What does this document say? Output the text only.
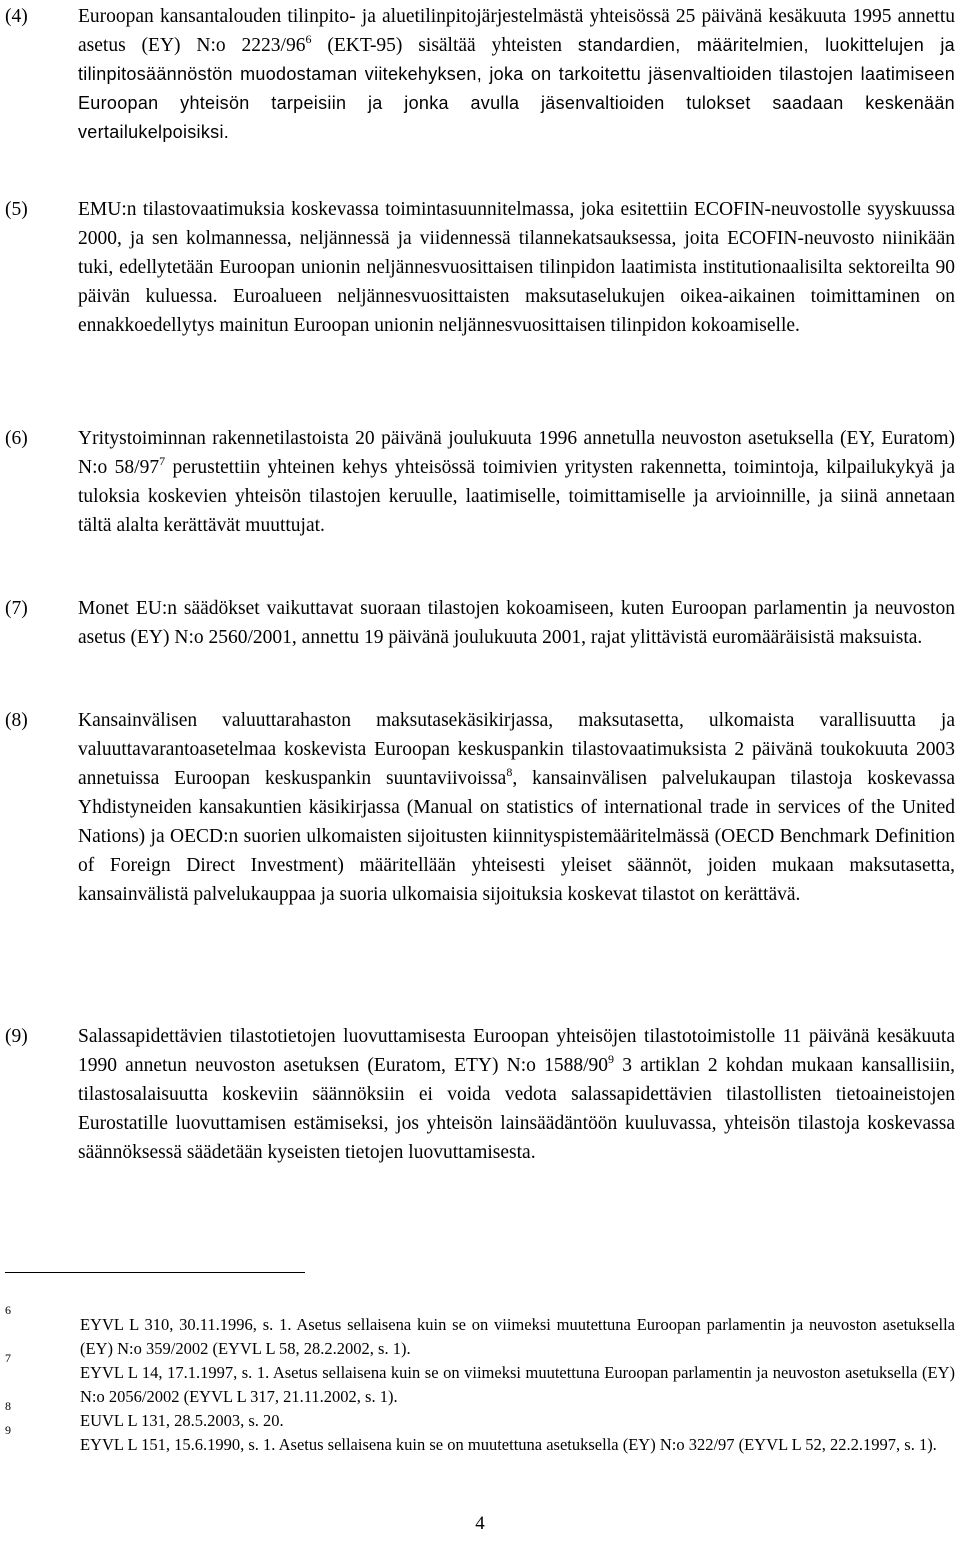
(4)	Euroopan kansantalouden tilinpito- ja aluetilinpitojärjestelmästä yhteisössä 25 päivänä kesäkuuta 1995 annettu asetus (EY) N:o $2223/96^6$ (EKT-95) sisältää yhteisten standardien, määritelmien, luokittelujen ja tilinpitosäännöstön muodostaman viitekehyksen, joka on tarkoitettu jäsenvaltioiden tilastojen laatimiseen Euroopan yhteisön tarpeisiin ja jonka avulla jäsenvaltioiden tulokset saadaan keskenään vertailukelpoisiksi.

(5)	EMU:n tilastovaatimuksia koskevassa toimintasuunnitelmassa, joka esitettiin ECOFIN-neuvostolle syyskuussa 2000, ja sen kolmannessa, neljännessä ja viidennessä tilannekatsauksessa, joita ECOFIN-neuvosto niinikään tuki, edellytetään Euroopan unionin neljännesvuosittaisen tilinpidon laatimista institutionaalisilta sektoreilta 90 päivän kuluessa. Euroalueen neljännesvuosittaisten maksutaselukujen oikea-aikainen toimittaminen on ennakkoedellytys mainitun Euroopan unionin neljännesvuosittaisen tilinpidon kokoamiselle.

(6)	Yritystoiminnan rakennetilastoista 20 päivänä joulukuuta 1996 annetulla neuvoston asetuksella (EY, Euratom) N:o $58/97^7$ perustettiin yhteinen kehys yhteisössä toimivien yritysten rakennetta, toimintoja, kilpailukykyä ja tuloksia koskevien yhteisön tilastojen keruulle, laatimiselle, toimittamiselle ja arvioinnille, ja siinä annetaan tältä alalta kerättävät muuttujat.

(7)	Monet EU:n säädökset vaikuttavat suoraan tilastojen kokoamiseen, kuten Euroopan parlamentin ja neuvoston asetus (EY) N:o 2560/2001, annettu 19 päivänä joulukuuta 2001, rajat ylittävistä euromääräisistä maksuista.

(8)	Kansainvälisen valuuttarahaston maksutasekäsikirjassa, maksutasetta, ulkomaista varallisuutta ja valuuttavarantoasetelmaa koskevista Euroopan keskuspankin tilastovaatimuksista 2 päivänä toukokuuta 2003 annetuissa Euroopan keskuspankin suuntaviivoissa$^8$, kansainvälisen palvelukaupan tilastoja koskevassa Yhdistyneiden kansakuntien käsikirjassa (Manual on statistics of international trade in services of the United Nations) ja OECD:n suorien ulkomaisten sijoitusten kiinnityspistemääritelmässä (OECD Benchmark Definition of Foreign Direct Investment) määritellään yhteisesti yleiset säännöt, joiden mukaan maksutasetta, kansainvälistä palvelukauppaa ja suoria ulkomaisia sijoituksia koskevat tilastot on kerättävä.

(9)	Salassapidettävien tilastotietojen luovuttamisesta Euroopan yhteisöjen tilastotoimistolle 11 päivänä kesäkuuta 1990 annetun neuvoston asetuksen (Euratom, ETY) N:o $1588/90^9$ 3 artiklan 2 kohdan mukaan kansallisiin, tilastosalaisuutta koskeviin säännöksiin ei voida vedota salassapidettävien tilastollisten tietoaineistojen Eurostatille luovuttamisen estämiseksi, jos yhteisön lainsäädäntöön kuuluvassa, yhteisön tilastoja koskevassa säännöksessä säädetään kyseisten tietojen luovuttamisesta.

6

EYVL L 310, 30.11.1996, s. 1. Asetus sellaisena kuin se on viimeksi muutettuna Euroopan parlamentin ja neuvoston asetuksella (EY) N:o 359/2002 (EYVL L 58, 28.2.2002, s. 1).

7

EYVL L 14, 17.1.1997, s. 1. Asetus sellaisena kuin se on viimeksi muutettuna Euroopan parlamentin ja neuvoston asetuksella (EY) N:o 2056/2002 (EYVL L 317, 21.11.2002, s. 1).

8

EUVL L 131, 28.5.2003, s. 20.

9

EYVL L 151, 15.6.1990, s. 1. Asetus sellaisena kuin se on muutettuna asetuksella (EY) N:o 322/97 (EYVL L 52, 22.2.1997, s. 1).

4
